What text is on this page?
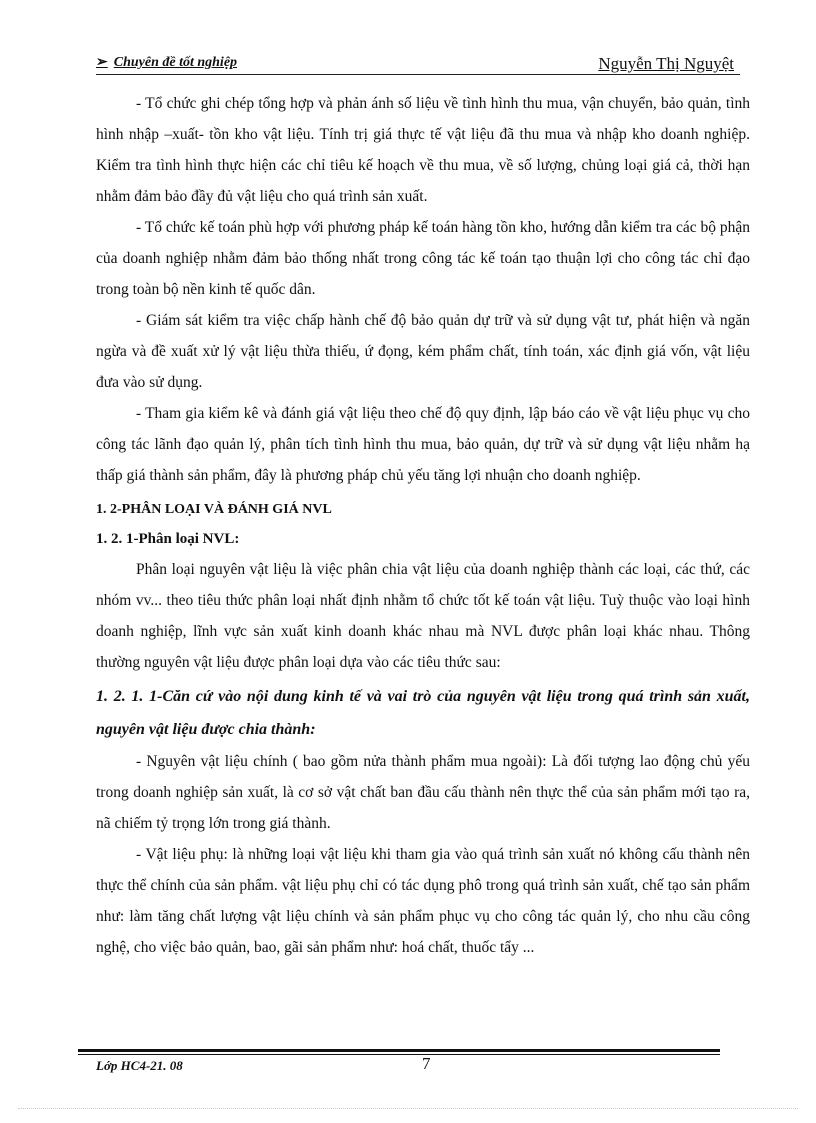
➢ Chuyên đề tốt nghiệp	Nguyễn Thị Nguyệt

- Tổ chức ghi chép tổng hợp và phản ánh số liệu về tình hình thu mua, vận chuyển, bảo quản, tình hình nhập –xuất- tồn kho vật liệu. Tính trị giá thực tế vật liệu đã thu mua và nhập kho doanh nghiệp. Kiểm tra tình hình thực hiện các chỉ tiêu kế hoạch về thu mua, về số lượng, chủng loại giá cả, thời hạn nhằm đảm bảo đầy đủ vật liệu cho quá trình sản xuất.

- Tổ chức kế toán phù hợp với phương pháp kế toán hàng tồn kho, hướng dẫn kiểm tra các bộ phận của doanh nghiệp nhằm đảm bảo thống nhất trong công tác kế toán tạo thuận lợi cho công tác chỉ đạo trong toàn bộ nền kinh tế quốc dân.

- Giám sát kiểm tra việc chấp hành chế độ bảo quản dự trữ và sử dụng vật tư, phát hiện và ngăn ngừa và đề xuất xử lý vật liệu thừa thiếu, ứ đọng, kém phẩm chất, tính toán, xác định giá vốn, vật liệu đưa vào sử dụng.

- Tham gia kiểm kê và đánh giá vật liệu theo chế độ quy định, lập báo cáo về vật liệu phục vụ cho công tác lãnh đạo quản lý, phân tích tình hình thu mua, bảo quản, dự trữ và sử dụng vật liệu nhằm hạ thấp giá thành sản phẩm, đây là phương pháp chủ yếu tăng lợi nhuận cho doanh nghiệp.

1. 2-PHÂN LOẠI VÀ ĐÁNH GIÁ NVL

1. 2. 1-Phân loại NVL:

Phân loại nguyên vật liệu là việc phân chia vật liệu của doanh nghiệp thành các loại, các thứ, các nhóm vv... theo tiêu thức phân loại nhất định nhằm tổ chức tốt kế toán vật liệu. Tuỳ thuộc vào loại hình doanh nghiệp, lĩnh vực sản xuất kinh doanh khác nhau mà NVL được phân loại khác nhau. Thông thường nguyên vật liệu được phân loại dựa vào các tiêu thức sau:

1. 2. 1. 1-Căn cứ vào nội dung kinh tế và vai trò của nguyên vật liệu trong quá trình sản xuất, nguyên vật liệu được chia thành:

- Nguyên vật liệu chính ( bao gồm nửa thành phẩm mua ngoài): Là đối tượng lao động chủ yếu trong doanh nghiệp sản xuất, là cơ sở vật chất ban đầu cấu thành nên thực thể của sản phẩm mới tạo ra, nã chiếm tỷ trọng lớn trong giá thành.

- Vật liệu phụ: là những loại vật liệu khi tham gia vào quá trình sản xuất nó không cấu thành nên thực thể chính của sản phẩm. vật liệu phụ chỉ có tác dụng phô trong quá trình sản xuất, chế tạo sản phẩm như: làm tăng chất lượng vật liệu chính và sản phẩm phục vụ cho công tác quản lý, cho nhu cầu công nghệ, cho việc bảo quản, bao, gãi sản phẩm như: hoá chất, thuốc tẩy ...

Lớp HC4-21. 08	7
